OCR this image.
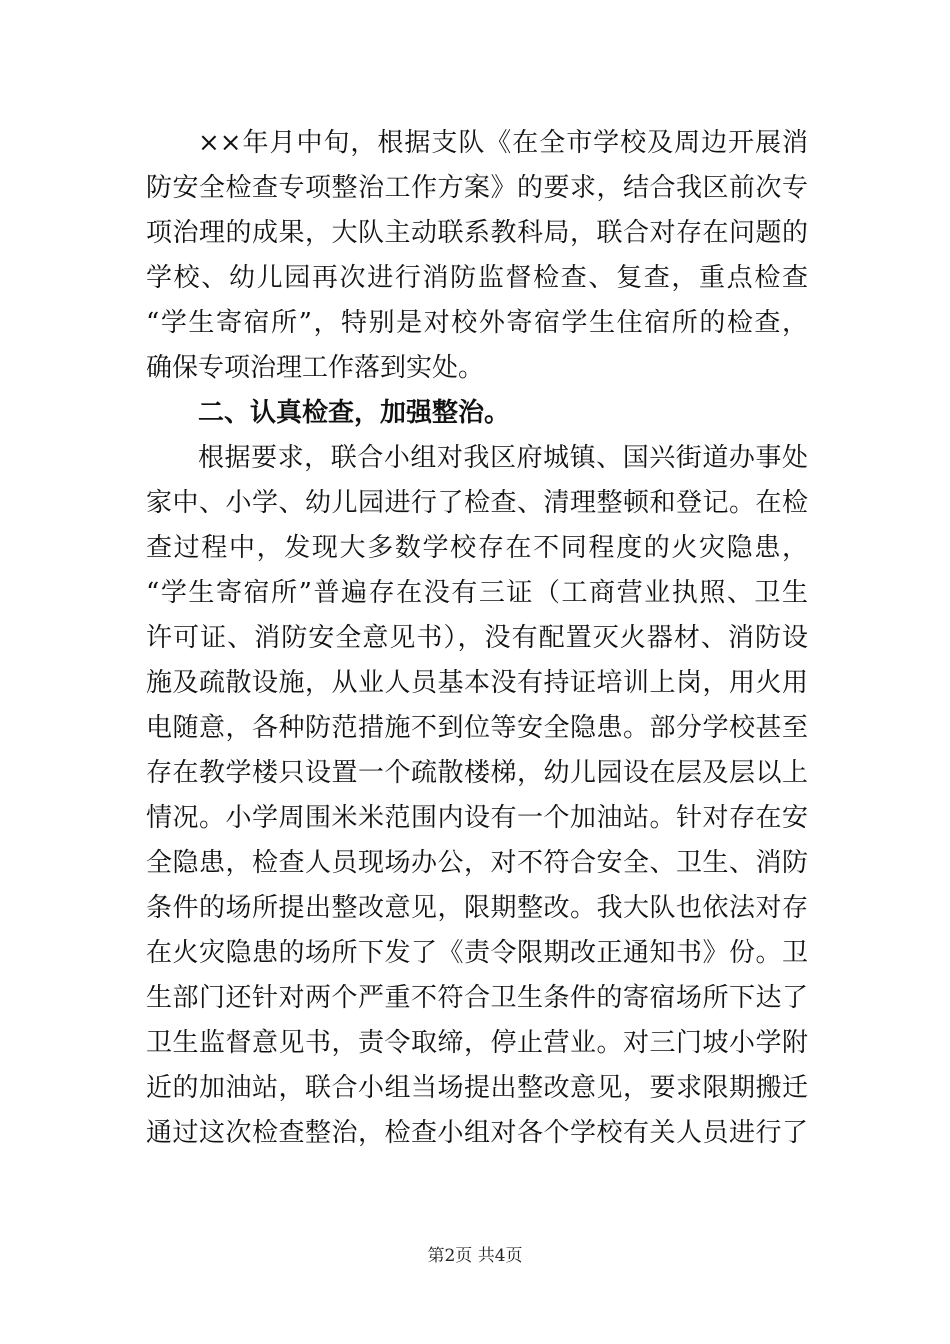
××年月中旬，根据支队《在全市学校及周边开展消
防安全检查专项整治工作方案》的要求，结合我区前次专
项治理的成果，大队主动联系教科局，联合对存在问题的
学校、幼儿园再次进行消防监督检查、复查，重点检查
“学生寄宿所”，特别是对校外寄宿学生住宿所的检查，
确保专项治理工作落到实处。
二、认真检查，加强整治。
根据要求，联合小组对我区府城镇、国兴街道办事处
家中、小学、幼儿园进行了检查、清理整顿和登记。在检
查过程中，发现大多数学校存在不同程度的火灾隐患，
“学生寄宿所”普遍存在没有三证（工商营业执照、卫生
许可证、消防安全意见书），没有配置灭火器材、消防设
施及疏散设施，从业人员基本没有持证培训上岗，用火用
电随意，各种防范措施不到位等安全隐患。部分学校甚至
存在教学楼只设置一个疏散楼梯，幼儿园设在层及层以上
情况。小学周围米米范围内设有一个加油站。针对存在安
全隐患，检查人员现场办公，对不符合安全、卫生、消防
条件的场所提出整改意见，限期整改。我大队也依法对存
在火灾隐患的场所下发了《责令限期改正通知书》份。卫
生部门还针对两个严重不符合卫生条件的寄宿场所下达了
卫生监督意见书，责令取缔，停止营业。对三门坡小学附
近的加油站，联合小组当场提出整改意见，要求限期搬迁
通过这次检查整治，检查小组对各个学校有关人员进行了
第2页 共4页
